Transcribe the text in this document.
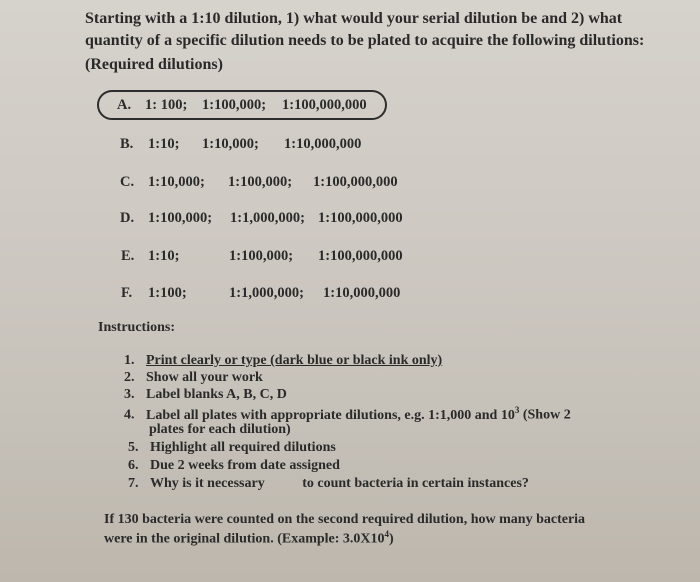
Starting with a 1:10 dilution, 1) what would your serial dilution be and 2) what
quantity of a specific dilution needs to be plated to acquire the following dilutions:
(Required dilutions)
A. 1: 100; 1:100,000; 1:100,000,000
B. 1:10; 1:10,000; 1:10,000,000
C. 1:10,000; 1:100,000; 1:100,000,000
D. 1:100,000; 1:1,000,000; 1:100,000,000
E. 1:10;	1:100,000; 1:100,000,000
F. 1:100;	1:1,000,000; 1:10,000,000
Instructions:
1. Print clearly or type (dark blue or black ink only)
2. Show all your work
3. Label blanks A, B, C, D
4. Label all plates with appropriate dilutions, e.g. 1:1,000 and $10^3$ (Show 2
plates for each dilution)
5. Highlight all required dilutions
6. Due 2 weeks from date assigned
7. Why is it necessary	to count bacteria in certain instances?
If 130 bacteria were counted on the second required dilution, how many bacteria
were in the original dilution. (Example: $3.0X10^4$)
